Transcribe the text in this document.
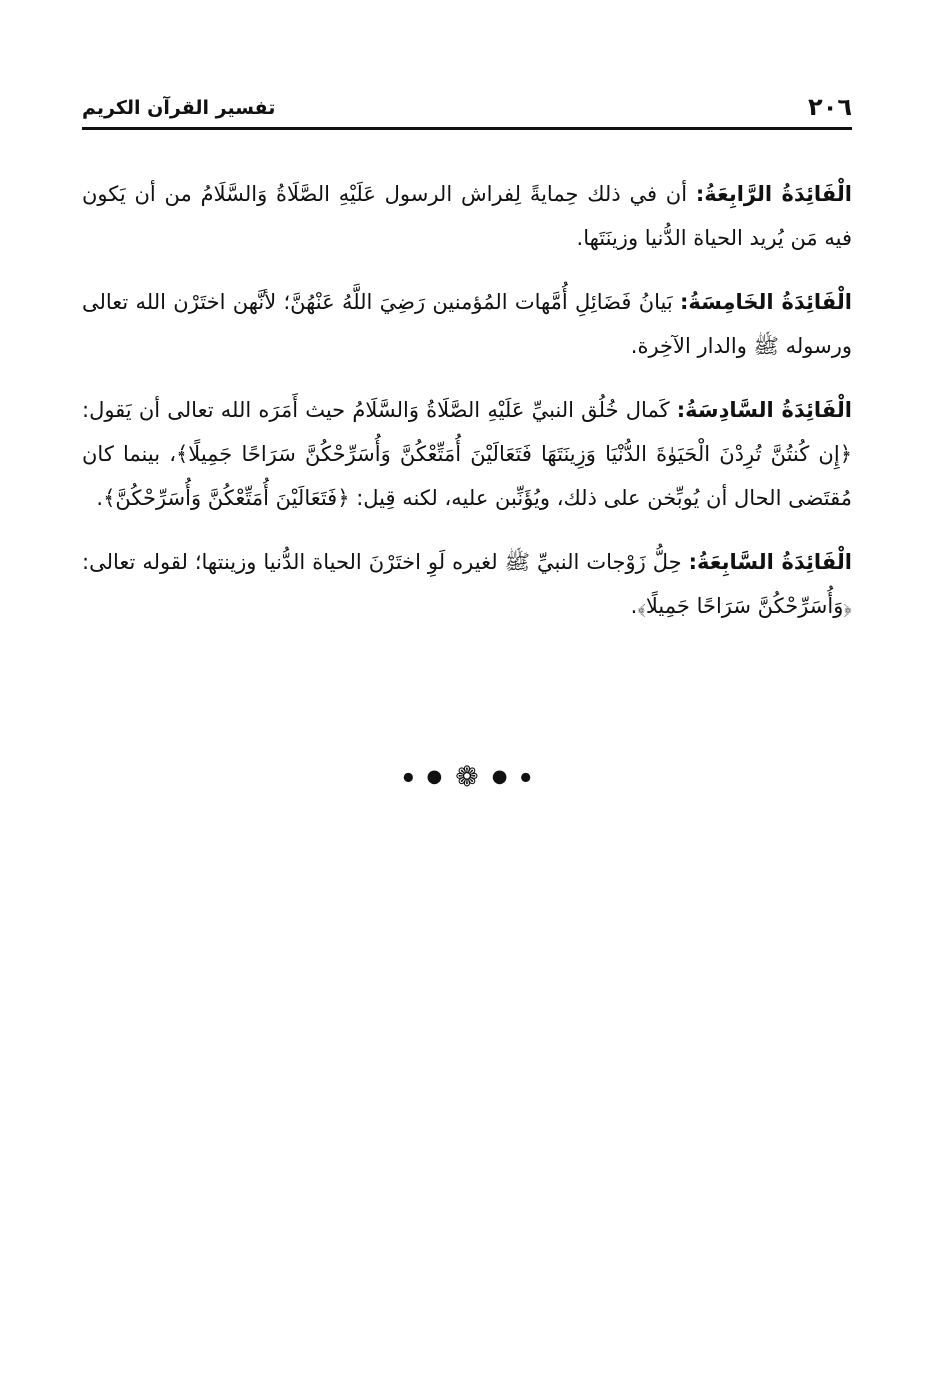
٢٠٦
تفسير القرآن الكريم

الْفَائِدَةُ الرَّابِعَةُ: أن في ذلك حِمايةً لِفراش الرسول عَلَيْهِ الصَّلَاةُ وَالسَّلَامُ من أن يَكون فيه مَن يُريد الحياة الدُّنيا وزينَتَها.

الْفَائِدَةُ الخَامِسَةُ: بَيانُ فَضَائِلِ أُمَّهات المُؤمنين رَضِيَ اللَّهُ عَنْهُنَّ؛ لأنَّهن اختَرْن الله تعالى ورسوله ﷺ والدار الآخِرة.

الْفَائِدَةُ السَّادِسَةُ: كَمال خُلُق النبيِّ عَلَيْهِ الصَّلَاةُ وَالسَّلَامُ حيث أَمَرَه الله تعالى أن يَقول: ﴿إِن كُنتُنَّ تُرِدْنَ الْحَيَوٰةَ الدُّنْيَا وَزِينَتَهَا فَتَعَالَيْنَ أُمَتِّعْكُنَّ وَأُسَرِّحْكُنَّ سَرَاحًا جَمِيلًا﴾، بينما كان مُقتَضى الحال أن يُوبِّخن على ذلك، ويُؤَنِّبن عليه، لكنه قِيل: ﴿فَتَعَالَيْنَ أُمَتِّعْكُنَّ وَأُسَرِّحْكُنَّ﴾.

الْفَائِدَةُ السَّابِعَةُ: حِلُّ زَوْجات النبيِّ ﷺ لغيره لَوِ اختَرْنَ الحياة الدُّنيا وزينتها؛ لقوله تعالى: ﴿وَأُسَرِّحْكُنَّ سَرَاحًا جَمِيلًا﴾.

● ● ❁ ● ●
